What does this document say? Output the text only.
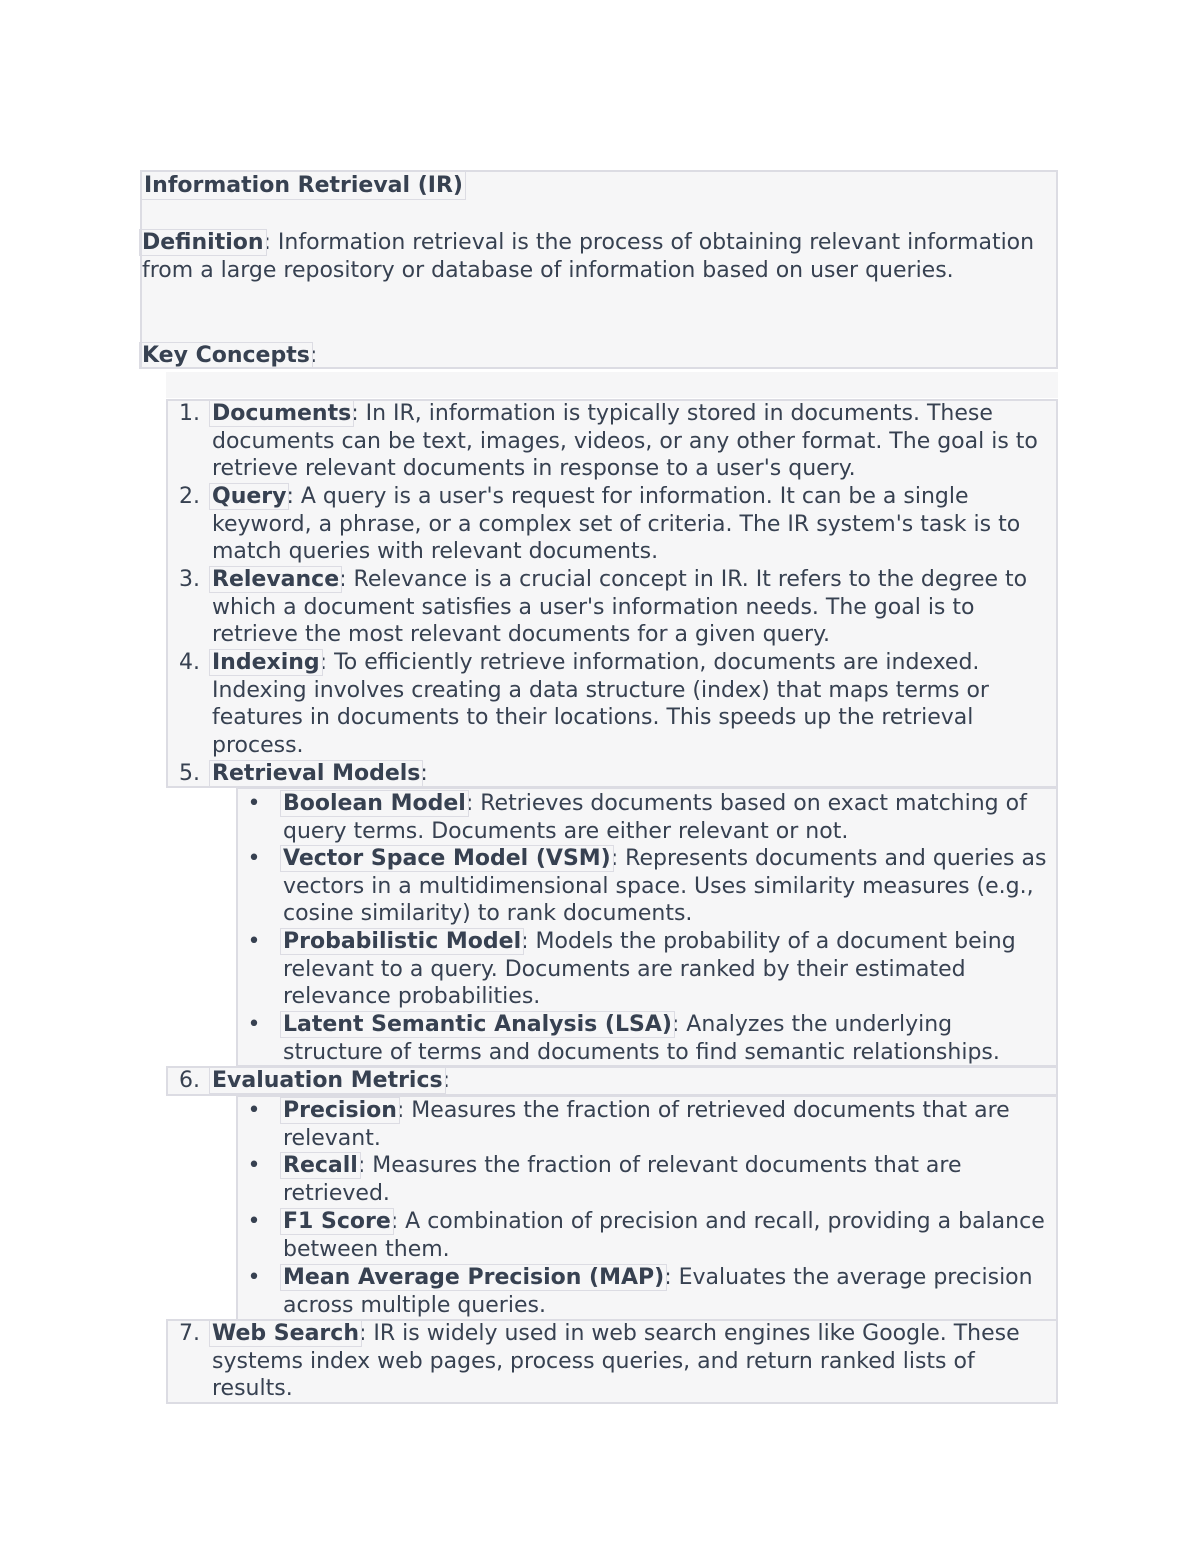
Information Retrieval (IR)
Definition: Information retrieval is the process of obtaining relevant information from a large repository or database of information based on user queries.
Key Concepts:
1. Documents: In IR, information is typically stored in documents. These documents can be text, images, videos, or any other format. The goal is to retrieve relevant documents in response to a user's query.
2. Query: A query is a user's request for information. It can be a single keyword, a phrase, or a complex set of criteria. The IR system's task is to match queries with relevant documents.
3. Relevance: Relevance is a crucial concept in IR. It refers to the degree to which a document satisfies a user's information needs. The goal is to retrieve the most relevant documents for a given query.
4. Indexing: To efficiently retrieve information, documents are indexed. Indexing involves creating a data structure (index) that maps terms or features in documents to their locations. This speeds up the retrieval process.
5. Retrieval Models:
• Boolean Model: Retrieves documents based on exact matching of query terms. Documents are either relevant or not.
• Vector Space Model (VSM): Represents documents and queries as vectors in a multidimensional space. Uses similarity measures (e.g., cosine similarity) to rank documents.
• Probabilistic Model: Models the probability of a document being relevant to a query. Documents are ranked by their estimated relevance probabilities.
• Latent Semantic Analysis (LSA): Analyzes the underlying structure of terms and documents to find semantic relationships.
6. Evaluation Metrics:
• Precision: Measures the fraction of retrieved documents that are relevant.
• Recall: Measures the fraction of relevant documents that are retrieved.
• F1 Score: A combination of precision and recall, providing a balance between them.
• Mean Average Precision (MAP): Evaluates the average precision across multiple queries.
7. Web Search: IR is widely used in web search engines like Google. These systems index web pages, process queries, and return ranked lists of results.
